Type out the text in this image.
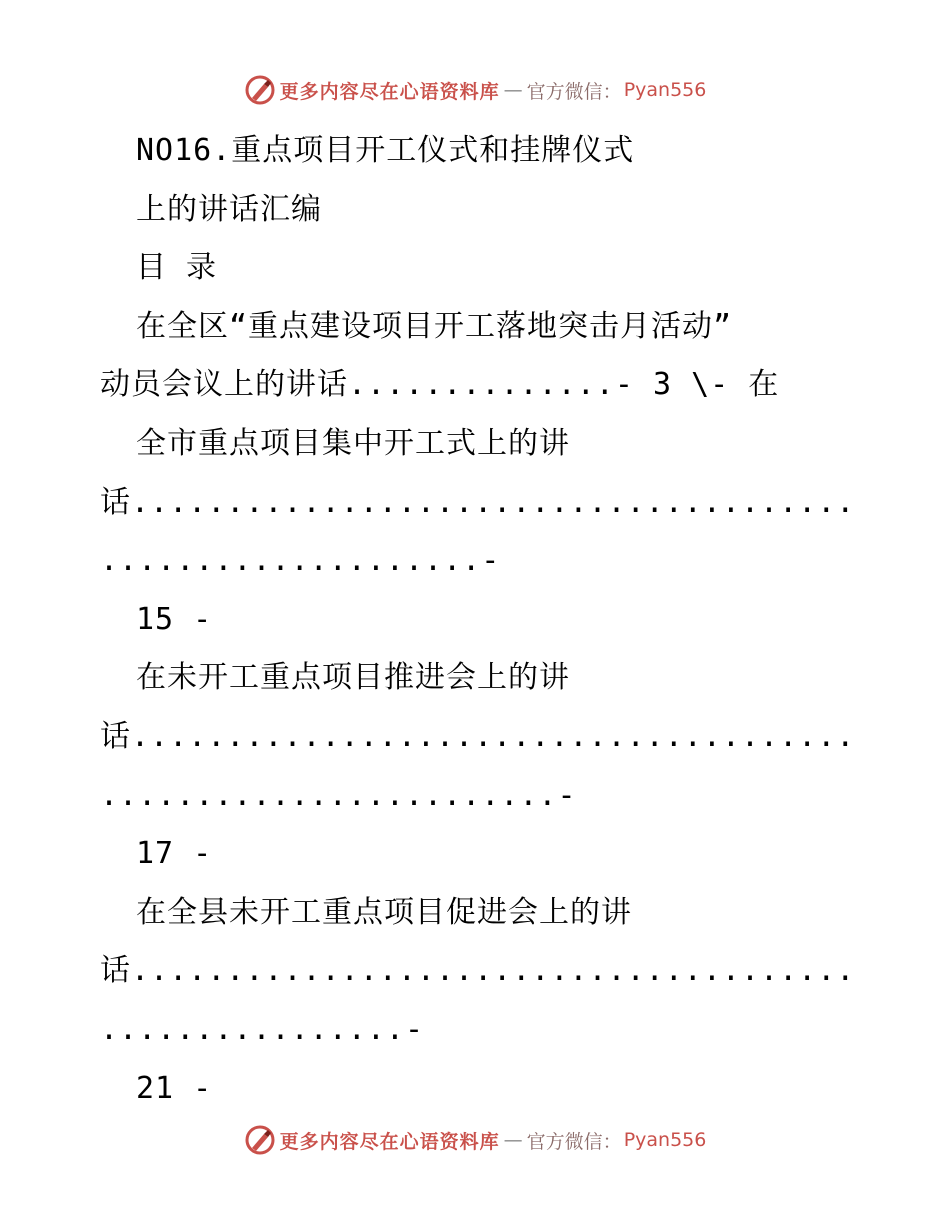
更多内容尽在心语资料库 — 官方微信： Pyan556
NO16.重点项目开工仪式和挂牌仪式
上的讲话汇编
目 录
在全区“重点建设项目开工落地突击月活动”
动员会议上的讲话..............- 3 \- 在
全市重点项目集中开工式上的讲
话......................................
....................-
15 -
在未开工重点项目推进会上的讲
话......................................
........................-
17 -
在全县未开工重点项目促进会上的讲
话......................................
................-
21 -
更多内容尽在心语资料库 — 官方微信： Pyan556
